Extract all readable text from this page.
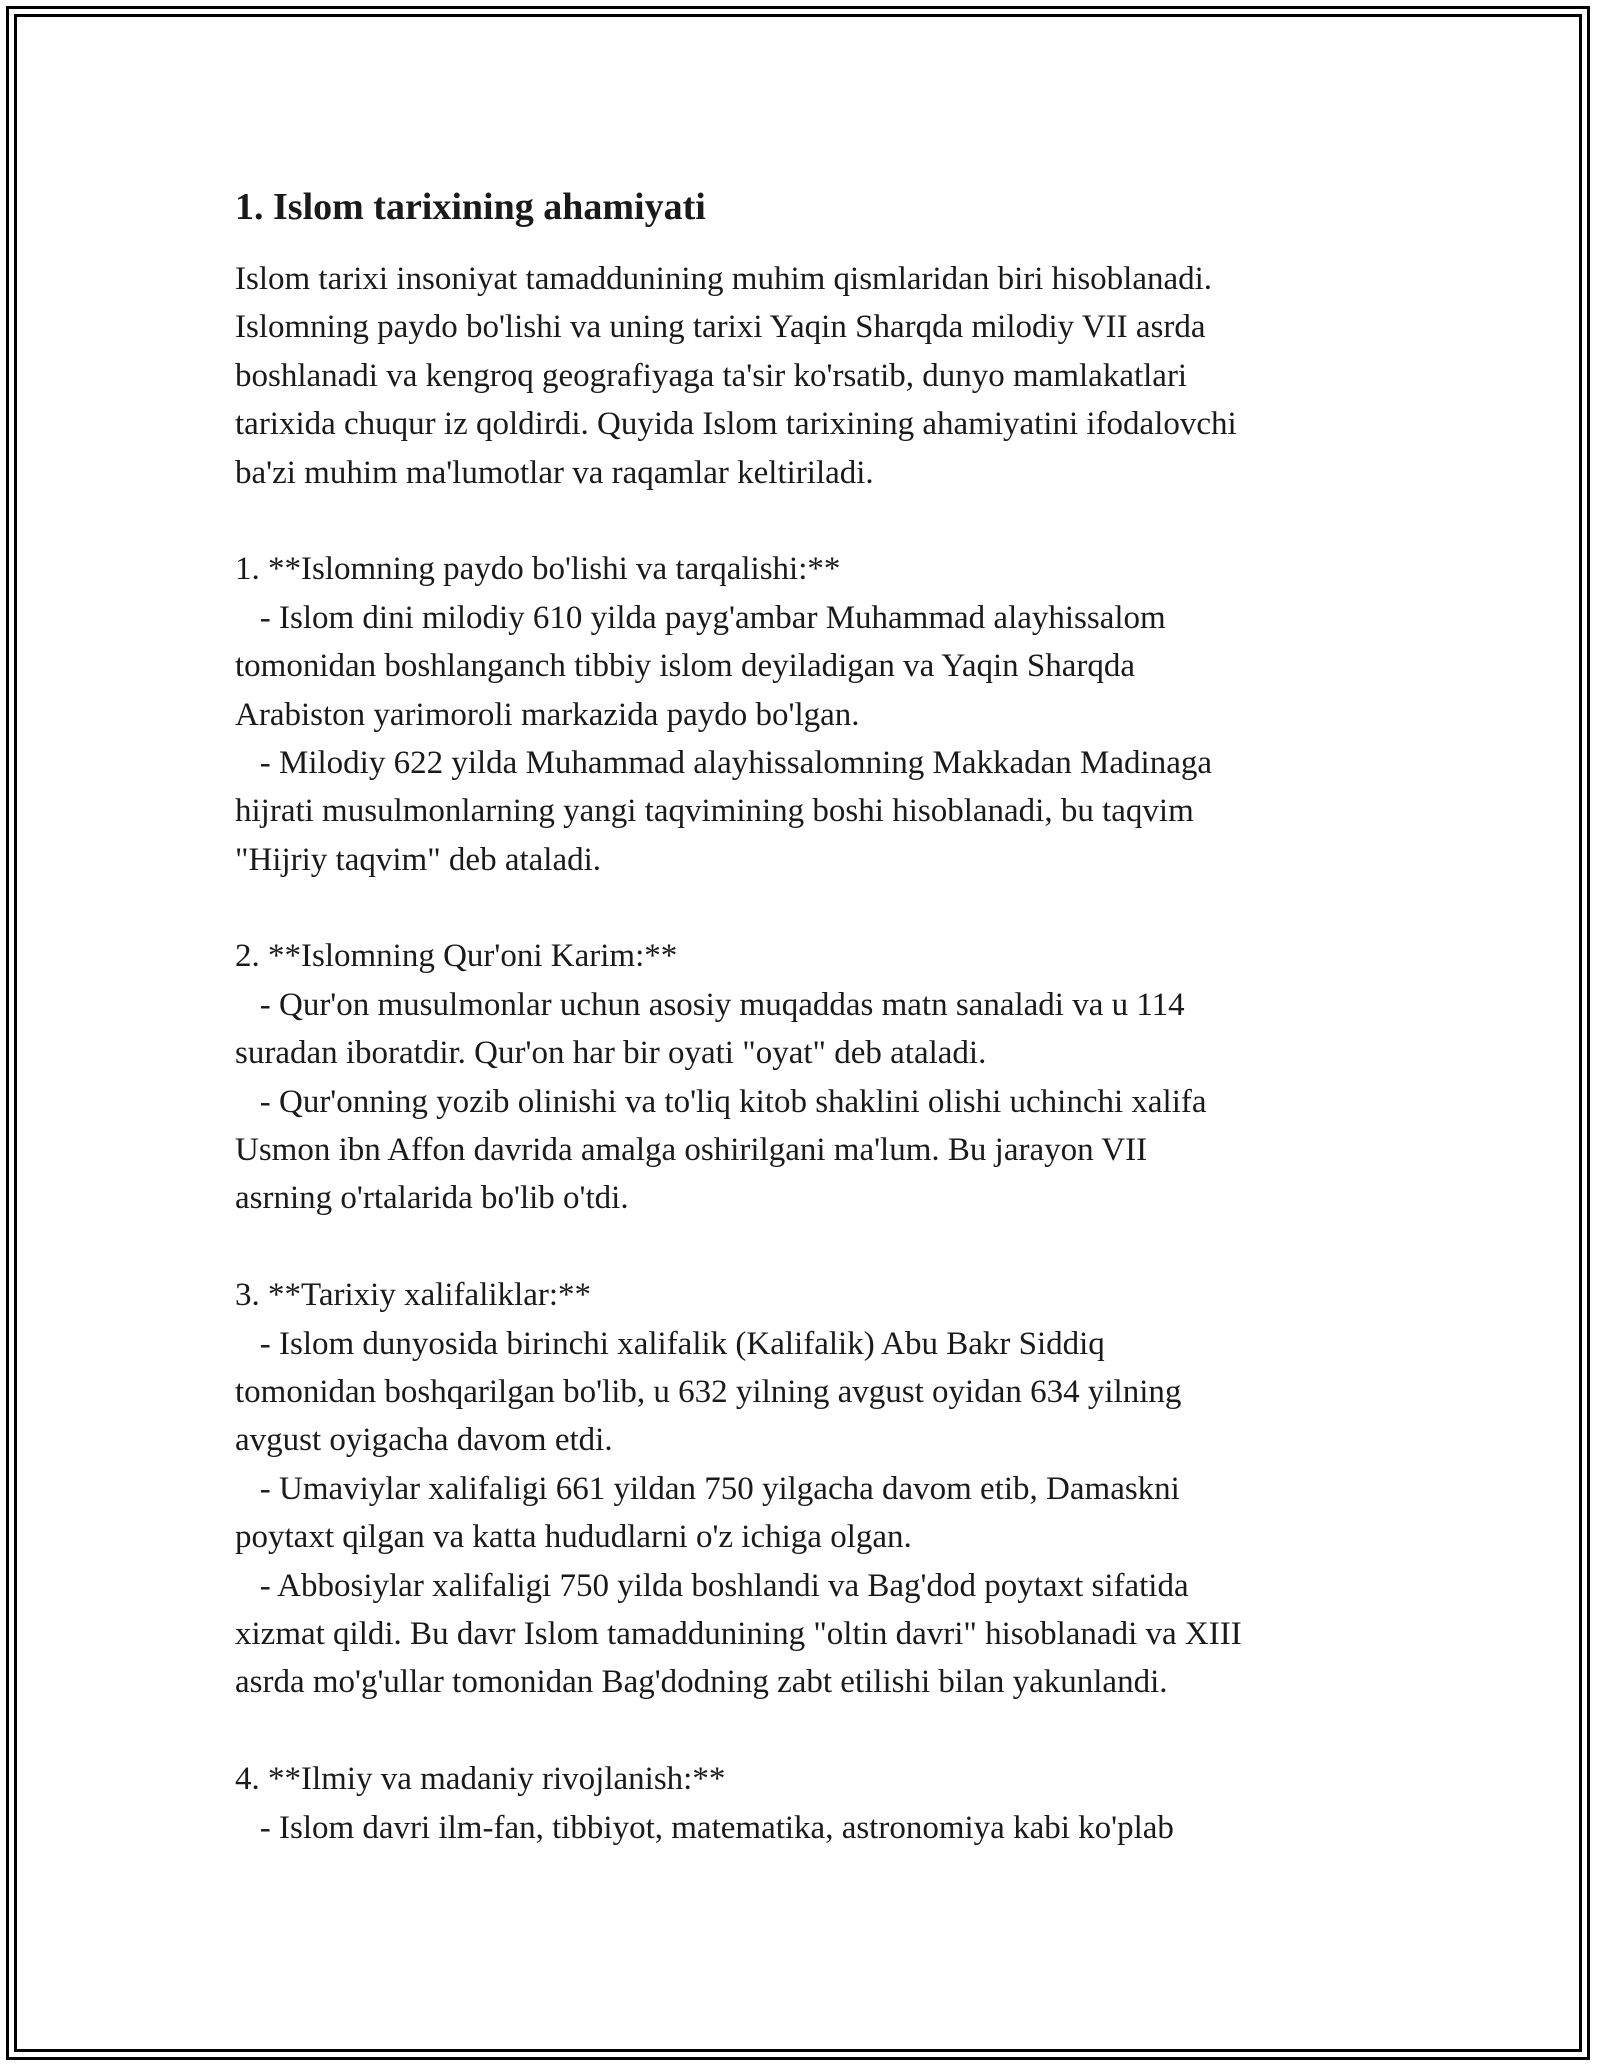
1. Islom tarixining ahamiyati
Islom tarixi insoniyat tamaddunining muhim qismlaridan biri hisoblanadi.
Islomning paydo bo'lishi va uning tarixi Yaqin Sharqda milodiy VII asrda
boshlanadi va kengroq geografiyaga ta'sir ko'rsatib, dunyo mamlakatlari
tarixida chuqur iz qoldirdi. Quyida Islom tarixining ahamiyatini ifodalovchi
ba'zi muhim ma'lumotlar va raqamlar keltiriladi.
1. **Islomning paydo bo'lishi va tarqalishi:**
- Islom dini milodiy 610 yilda payg'ambar Muhammad alayhissalom
tomonidan boshlanganch tibbiy islom deyiladigan va Yaqin Sharqda
Arabiston yarimoroli markazida paydo bo'lgan.
- Milodiy 622 yilda Muhammad alayhissalomning Makkadan Madinaga
hijrati musulmonlarning yangi taqvimining boshi hisoblanadi, bu taqvim
"Hijriy taqvim" deb ataladi.
2. **Islomning Qur'oni Karim:**
- Qur'on musulmonlar uchun asosiy muqaddas matn sanaladi va u 114
suradan iboratdir. Qur'on har bir oyati "oyat" deb ataladi.
- Qur'onning yozib olinishi va to'liq kitob shaklini olishi uchinchi xalifa
Usmon ibn Affon davrida amalga oshirilgani ma'lum. Bu jarayon VII
asrning o'rtalarida bo'lib o'tdi.
3. **Tarixiy xalifaliklar:**
- Islom dunyosida birinchi xalifalik (Kalifalik) Abu Bakr Siddiq
tomonidan boshqarilgan bo'lib, u 632 yilning avgust oyidan 634 yilning
avgust oyigacha davom etdi.
- Umaviylar xalifaligi 661 yildan 750 yilgacha davom etib, Damaskni
poytaxt qilgan va katta hududlarni o'z ichiga olgan.
- Abbosiylar xalifaligi 750 yilda boshlandi va Bag'dod poytaxt sifatida
xizmat qildi. Bu davr Islom tamaddunining "oltin davri" hisoblanadi va XIII
asrda mo'g'ullar tomonidan Bag'dodning zabt etilishi bilan yakunlandi.
4. **Ilmiy va madaniy rivojlanish:**
- Islom davri ilm-fan, tibbiyot, matematika, astronomiya kabi ko'plab
